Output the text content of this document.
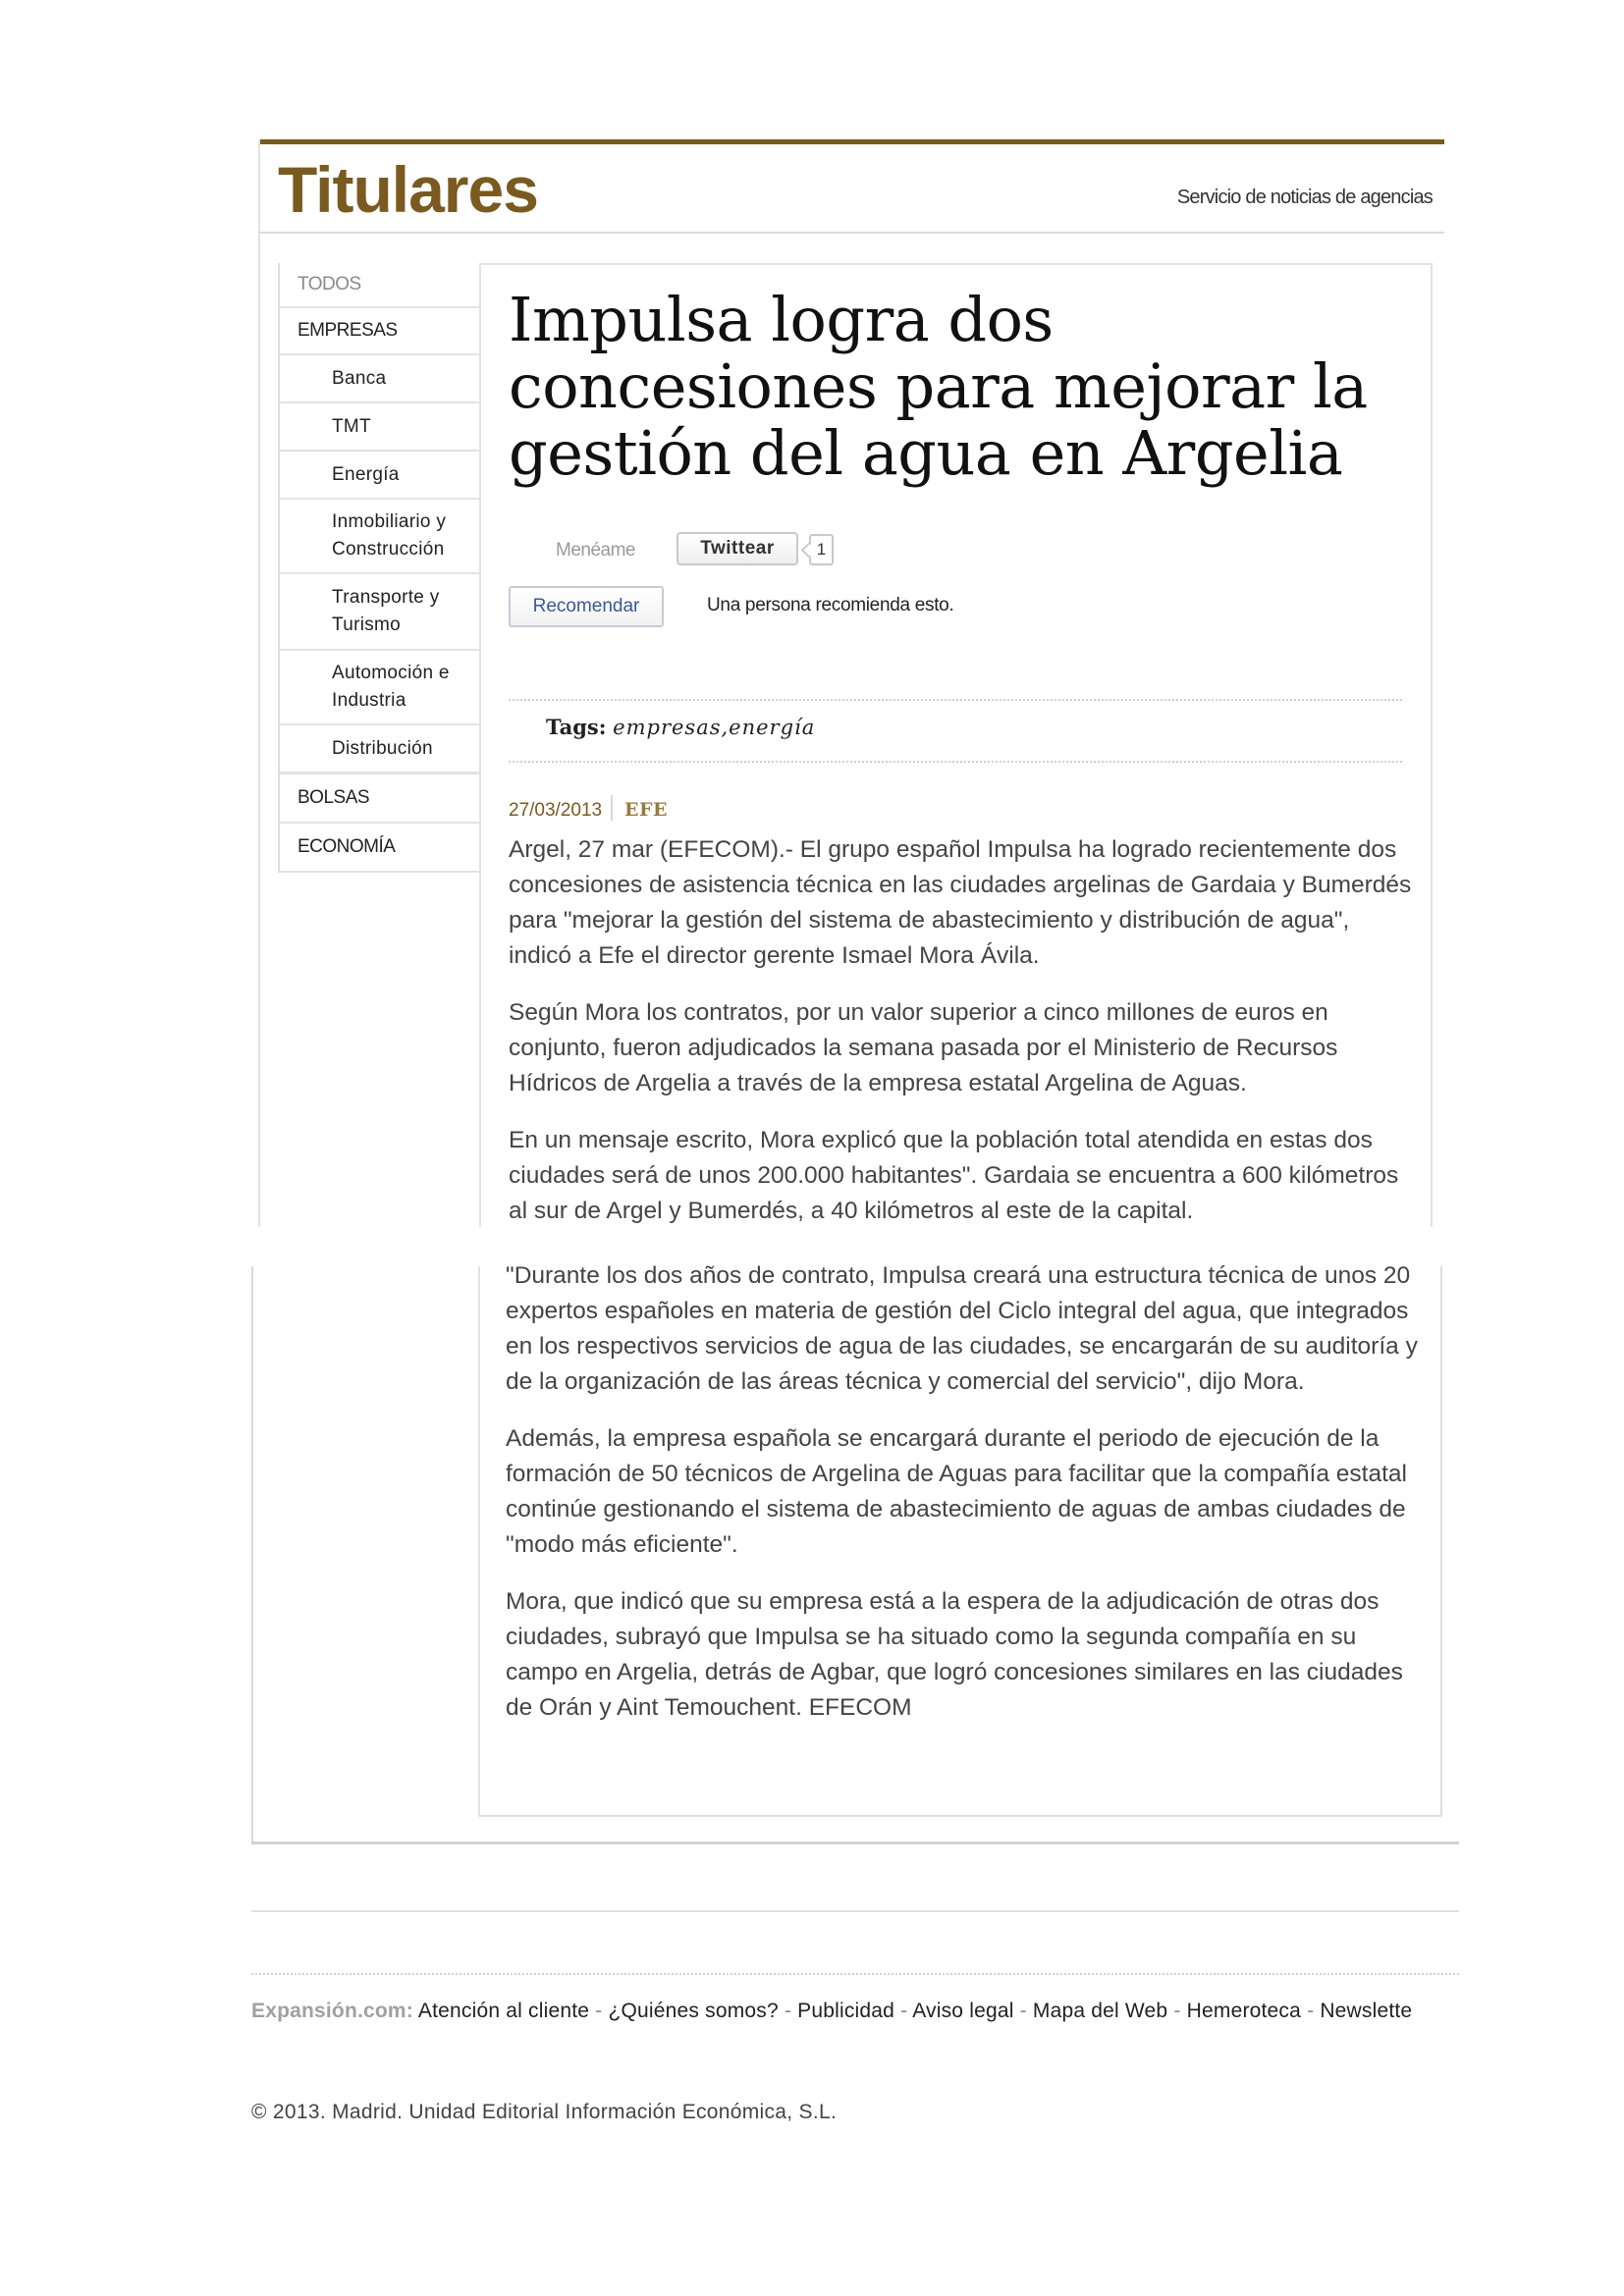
Titulares	Servicio de noticias de agencias
TODOS
EMPRESAS
Banca
TMT
Energía
Inmobiliario y Construcción
Transporte y Turismo
Automoción e Industria
Distribución
BOLSAS
ECONOMÍA
Impulsa logra dos concesiones para mejorar la gestión del agua en Argelia
Menéame	Twittear	1
Recomendar	Una persona recomienda esto.
Tags: empresas,energía
27/03/2013 EFE

Argel, 27 mar (EFECOM).- El grupo español Impulsa ha logrado recientemente dos concesiones de asistencia técnica en las ciudades argelinas de Gardaia y Bumerdés para "mejorar la gestión del sistema de abastecimiento y distribución de agua", indicó a Efe el director gerente Ismael Mora Ávila.

Según Mora los contratos, por un valor superior a cinco millones de euros en conjunto, fueron adjudicados la semana pasada por el Ministerio de Recursos Hídricos de Argelia a través de la empresa estatal Argelina de Aguas.

En un mensaje escrito, Mora explicó que la población total atendida en estas dos ciudades será de unos 200.000 habitantes". Gardaia se encuentra a 600 kilómetros al sur de Argel y Bumerdés, a 40 kilómetros al este de la capital.

"Durante los dos años de contrato, Impulsa creará una estructura técnica de unos 20 expertos españoles en materia de gestión del Ciclo integral del agua, que integrados en los respectivos servicios de agua de las ciudades, se encargarán de su auditoría y de la organización de las áreas técnica y comercial del servicio", dijo Mora.

Además, la empresa española se encargará durante el periodo de ejecución de la formación de 50 técnicos de Argelina de Aguas para facilitar que la compañía estatal continúe gestionando el sistema de abastecimiento de aguas de ambas ciudades de "modo más eficiente".

Mora, que indicó que su empresa está a la espera de la adjudicación de otras dos ciudades, subrayó que Impulsa se ha situado como la segunda compañía en su campo en Argelia, detrás de Agbar, que logró concesiones similares en las ciudades de Orán y Aint Temouchent. EFECOM

Expansión.com: Atención al cliente - ¿Quiénes somos? - Publicidad - Aviso legal - Mapa del Web - Hemeroteca - Newslette
© 2013. Madrid. Unidad Editorial Información Económica, S.L.
